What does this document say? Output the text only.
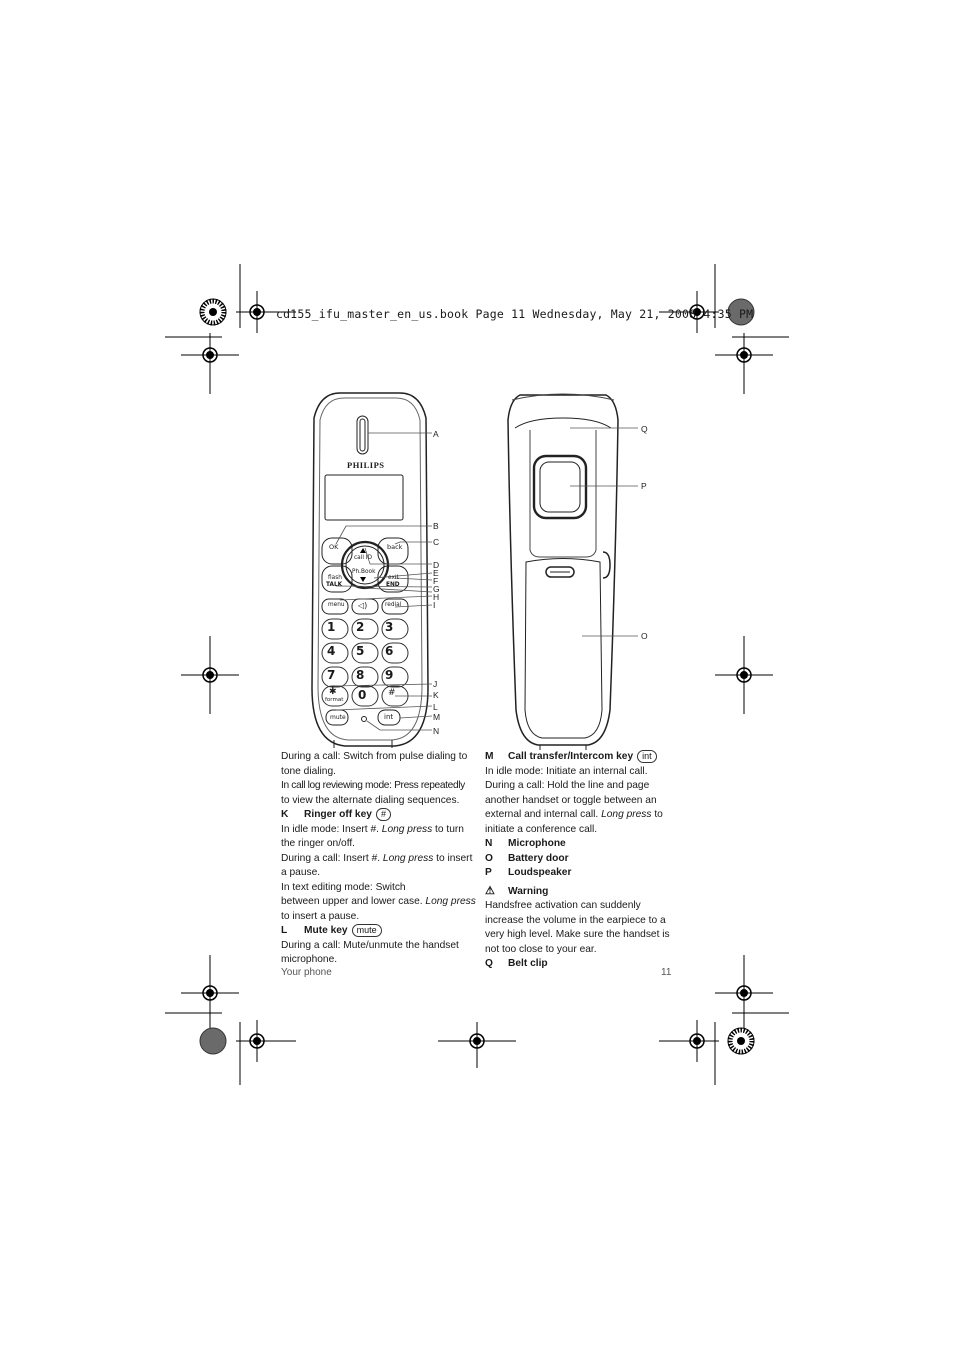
cd155_ifu_master_en_us.book Page 11 Wednesday, May 21, 2008 4:35 PM
PHILIPS
OK	back
call ID
Ph.Book
flash
TALK
exit
END
menu ◁)	redial
1 2 3
4 5 6
7 8 9
0
✱
format
#
mute	int
A
B
C
D
E
F
G
H
I
J
K
L
M
N
Q
P
O
During a call: Switch from pulse dialing to
tone dialing.
In call log reviewing mode: Press repeatedly
to view the alternate dialing sequences.
K Ringer off key #
In idle mode: Insert #. Long press to turn
the ringer on/off.
During a call: Insert #. Long press to insert
a pause.
In text editing mode: Switch
between upper and lower case. Long press
to insert a pause.
L Mute key mute
During a call: Mute/unmute the handset
microphone.
M Call transfer/Intercom key int
In idle mode: Initiate an internal call.
During a call: Hold the line and page
another handset or toggle between an
external and internal call. Long press to
initiate a conference call.
N Microphone
O Battery door
P Loudspeaker
⚠ Warning
Handsfree activation can suddenly
increase the volume in the earpiece to a
very high level. Make sure the handset is
not too close to your ear.
Q Belt clip
Your phone	11
